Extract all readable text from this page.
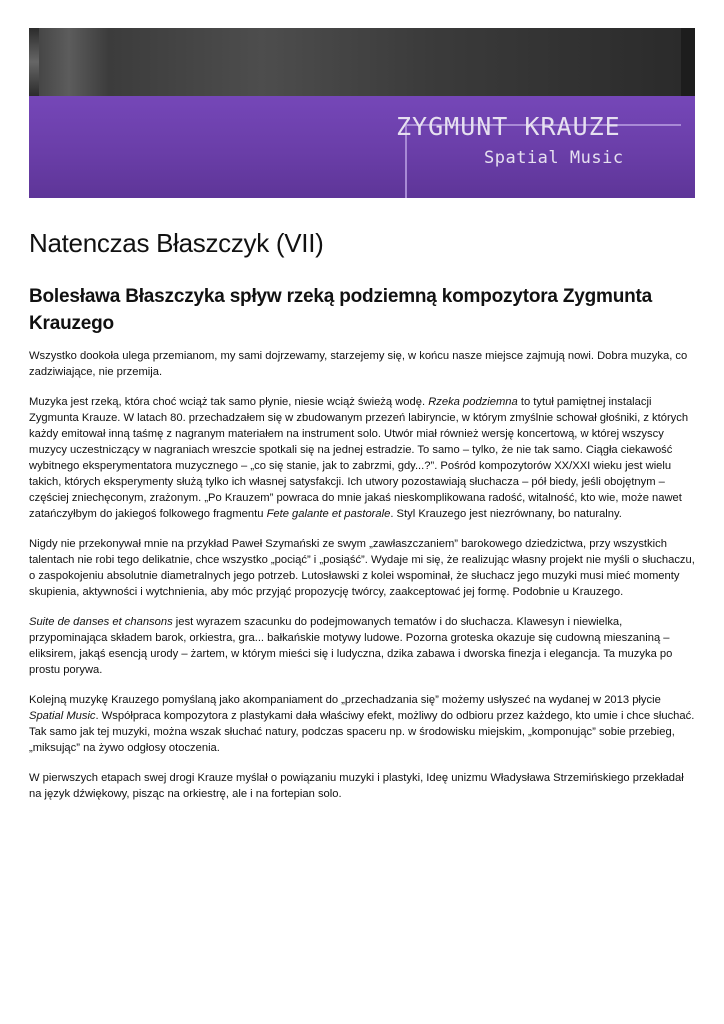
ZYGMUNT KRAUZE
Spatial Music
Natenczas Błaszczyk (VII)
Bolesława Błaszczyka spływ rzeką podziemną kompozytora Zygmunta Krauzego

Wszystko dookoła ulega przemianom, my sami dojrzewamy, starzejemy się, w końcu nasze miejsce zajmują nowi. Dobra muzyka, co zadziwiające, nie przemija.

Muzyka jest rzeką, która choć wciąż tak samo płynie, niesie wciąż świeżą wodę. Rzeka podziemna to tytuł pamiętnej instalacji Zygmunta Krauze. W latach 80. przechadzałem się w zbudowanym przezeń labiryncie, w którym zmyślnie schował głośniki, z których każdy emitował inną taśmę z nagranym materiałem na instrument solo. Utwór miał również wersję koncertową, w której wszyscy muzycy uczestniczący w nagraniach wreszcie spotkali się na jednej estradzie. To samo – tylko, że nie tak samo. Ciągła ciekawość wybitnego eksperymentatora muzycznego – „co się stanie, jak to zabrzmi, gdy...?”. Pośród kompozytorów XX/XXI wieku jest wielu takich, których eksperymenty służą tylko ich własnej satysfakcji. Ich utwory pozostawiają słuchacza – pół biedy, jeśli obojętnym – częściej zniechęconym, zrażonym. „Po Krauzem” powraca do mnie jakaś nieskomplikowana radość, witalność, kto wie, może nawet zatańczyłbym do jakiegoś folkowego fragmentu Fete galante et pastorale. Styl Krauzego jest niezrównany, bo naturalny.

Nigdy nie przekonywał mnie na przykład Paweł Szymański ze swym „zawłaszczaniem” barokowego dziedzictwa, przy wszystkich talentach nie robi tego delikatnie, chce wszystko „pociąć” i „posiąść”. Wydaje mi się, że realizując własny projekt nie myśli o słuchaczu, o zaspokojeniu absolutnie diametralnych jego potrzeb. Lutosławski z kolei wspominał, że słuchacz jego muzyki musi mieć momenty skupienia, aktywności i wytchnienia, aby móc przyjąć propozycję twórcy, zaakceptować jej formę. Podobnie u Krauzego.

Suite de danses et chansons jest wyrazem szacunku do podejmowanych tematów i do słuchacza. Klawesyn i niewielka, przypominająca składem barok, orkiestra, gra... bałkańskie motywy ludowe. Pozorna groteska okazuje się cudowną mieszaniną – eliksirem, jakąś esencją urody – żartem, w którym mieści się i ludyczna, dzika zabawa i dworska finezja i elegancja. Ta muzyka po prostu porywa.

Kolejną muzykę Krauzego pomyślaną jako akompaniament do „przechadzania się” możemy usłyszeć na wydanej w 2013 płycie Spatial Music. Współpraca kompozytora z plastykami dała właściwy efekt, możliwy do odbioru przez każdego, kto umie i chce słuchać. Tak samo jak tej muzyki, można wszak słuchać natury, podczas spaceru np. w środowisku miejskim, „komponując” sobie przebieg, „miksując” na żywo odgłosy otoczenia.

W pierwszych etapach swej drogi Krauze myślał o powiązaniu muzyki i plastyki, Ideę unizmu Władysława Strzemińskiego przekładał na język dźwiękowy, pisząc na orkiestrę, ale i na fortepian solo.
